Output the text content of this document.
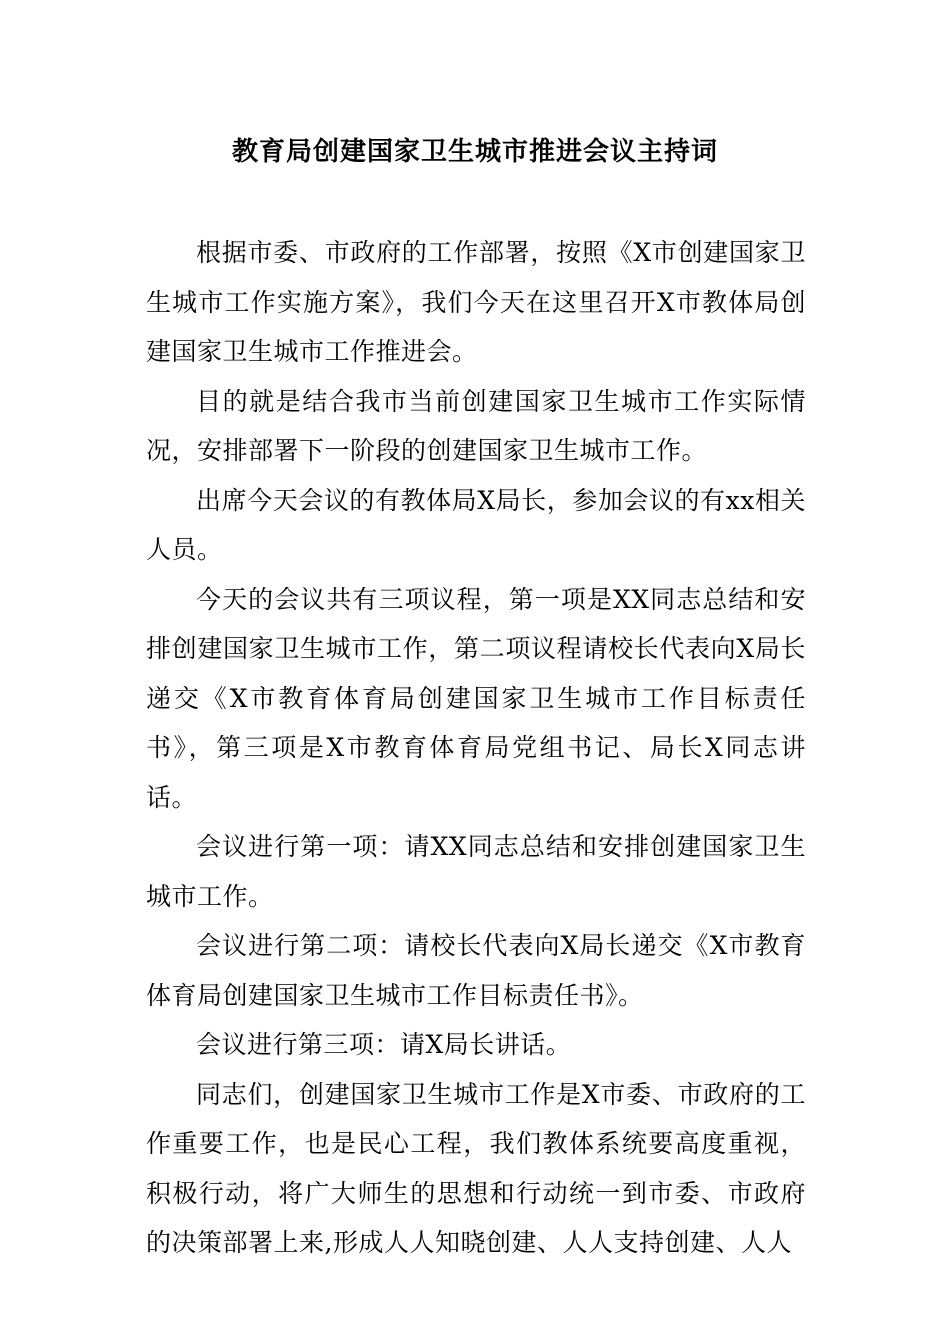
教育局创建国家卫生城市推进会议主持词

根据市委、市政府的工作部署，按照《X市创建国家卫生城市工作实施方案》，我们今天在这里召开X市教体局创建国家卫生城市工作推进会。

目的就是结合我市当前创建国家卫生城市工作实际情况，安排部署下一阶段的创建国家卫生城市工作。

出席今天会议的有教体局X局长，参加会议的有xx相关人员。

今天的会议共有三项议程，第一项是XX同志总结和安排创建国家卫生城市工作，第二项议程请校长代表向X局长递交《X市教育体育局创建国家卫生城市工作目标责任书》，第三项是X市教育体育局党组书记、局长X同志讲话。

会议进行第一项：请XX同志总结和安排创建国家卫生城市工作。

会议进行第二项：请校长代表向X局长递交《X市教育体育局创建国家卫生城市工作目标责任书》。

会议进行第三项：请X局长讲话。

同志们，创建国家卫生城市工作是X市委、市政府的工作重要工作，也是民心工程，我们教体系统要高度重视，积极行动，将广大师生的思想和行动统一到市委、市政府的决策部署上来,形成人人知晓创建、人人支持创建、人人
